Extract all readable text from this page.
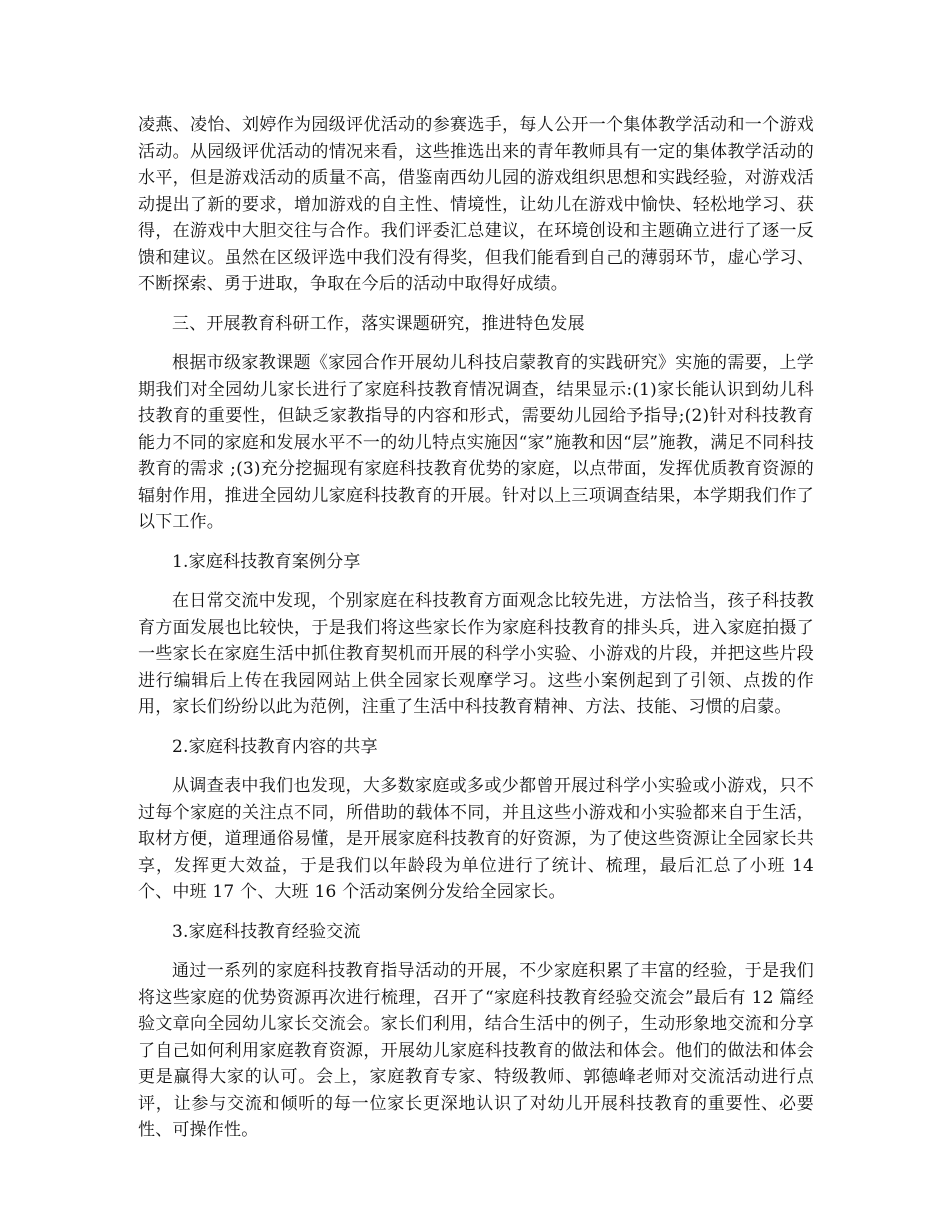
凌燕、凌怡、刘婷作为园级评优活动的参赛选手，每人公开一个集体教学活动和一个游戏活动。从园级评优活动的情况来看，这些推选出来的青年教师具有一定的集体教学活动的水平，但是游戏活动的质量不高，借鉴南西幼儿园的游戏组织思想和实践经验，对游戏活动提出了新的要求，增加游戏的自主性、情境性，让幼儿在游戏中愉快、轻松地学习、获得，在游戏中大胆交往与合作。我们评委汇总建议，在环境创设和主题确立进行了逐一反馈和建议。虽然在区级评选中我们没有得奖，但我们能看到自己的薄弱环节，虚心学习、不断探索、勇于进取，争取在今后的活动中取得好成绩。

三、开展教育科研工作，落实课题研究，推进特色发展

根据市级家教课题《家园合作开展幼儿科技启蒙教育的实践研究》实施的需要，上学期我们对全园幼儿家长进行了家庭科技教育情况调查，结果显示:(1)家长能认识到幼儿科技教育的重要性，但缺乏家教指导的内容和形式，需要幼儿园给予指导;(2)针对科技教育能力不同的家庭和发展水平不一的幼儿特点实施因“家”施教和因“层”施教，满足不同科技教育的需求 ;(3)充分挖掘现有家庭科技教育优势的家庭，以点带面，发挥优质教育资源的辐射作用，推进全园幼儿家庭科技教育的开展。针对以上三项调查结果，本学期我们作了以下工作。

1.家庭科技教育案例分享

在日常交流中发现，个别家庭在科技教育方面观念比较先进，方法恰当，孩子科技教育方面发展也比较快，于是我们将这些家长作为家庭科技教育的排头兵，进入家庭拍摄了一些家长在家庭生活中抓住教育契机而开展的科学小实验、小游戏的片段，并把这些片段进行编辑后上传在我园网站上供全园家长观摩学习。这些小案例起到了引领、点拨的作用，家长们纷纷以此为范例，注重了生活中科技教育精神、方法、技能、习惯的启蒙。

2.家庭科技教育内容的共享

从调查表中我们也发现，大多数家庭或多或少都曾开展过科学小实验或小游戏，只不过每个家庭的关注点不同，所借助的载体不同，并且这些小游戏和小实验都来自于生活，取材方便，道理通俗易懂，是开展家庭科技教育的好资源，为了使这些资源让全园家长共享，发挥更大效益，于是我们以年龄段为单位进行了统计、梳理，最后汇总了小班 14 个、中班 17 个、大班 16 个活动案例分发给全园家长。

3.家庭科技教育经验交流

通过一系列的家庭科技教育指导活动的开展，不少家庭积累了丰富的经验，于是我们将这些家庭的优势资源再次进行梳理，召开了“家庭科技教育经验交流会”最后有 12 篇经验文章向全园幼儿家长交流会。家长们利用，结合生活中的例子，生动形象地交流和分享了自己如何利用家庭教育资源，开展幼儿家庭科技教育的做法和体会。他们的做法和体会更是赢得大家的认可。会上，家庭教育专家、特级教师、郭德峰老师对交流活动进行点评，让参与交流和倾听的每一位家长更深地认识了对幼儿开展科技教育的重要性、必要性、可操作性。
